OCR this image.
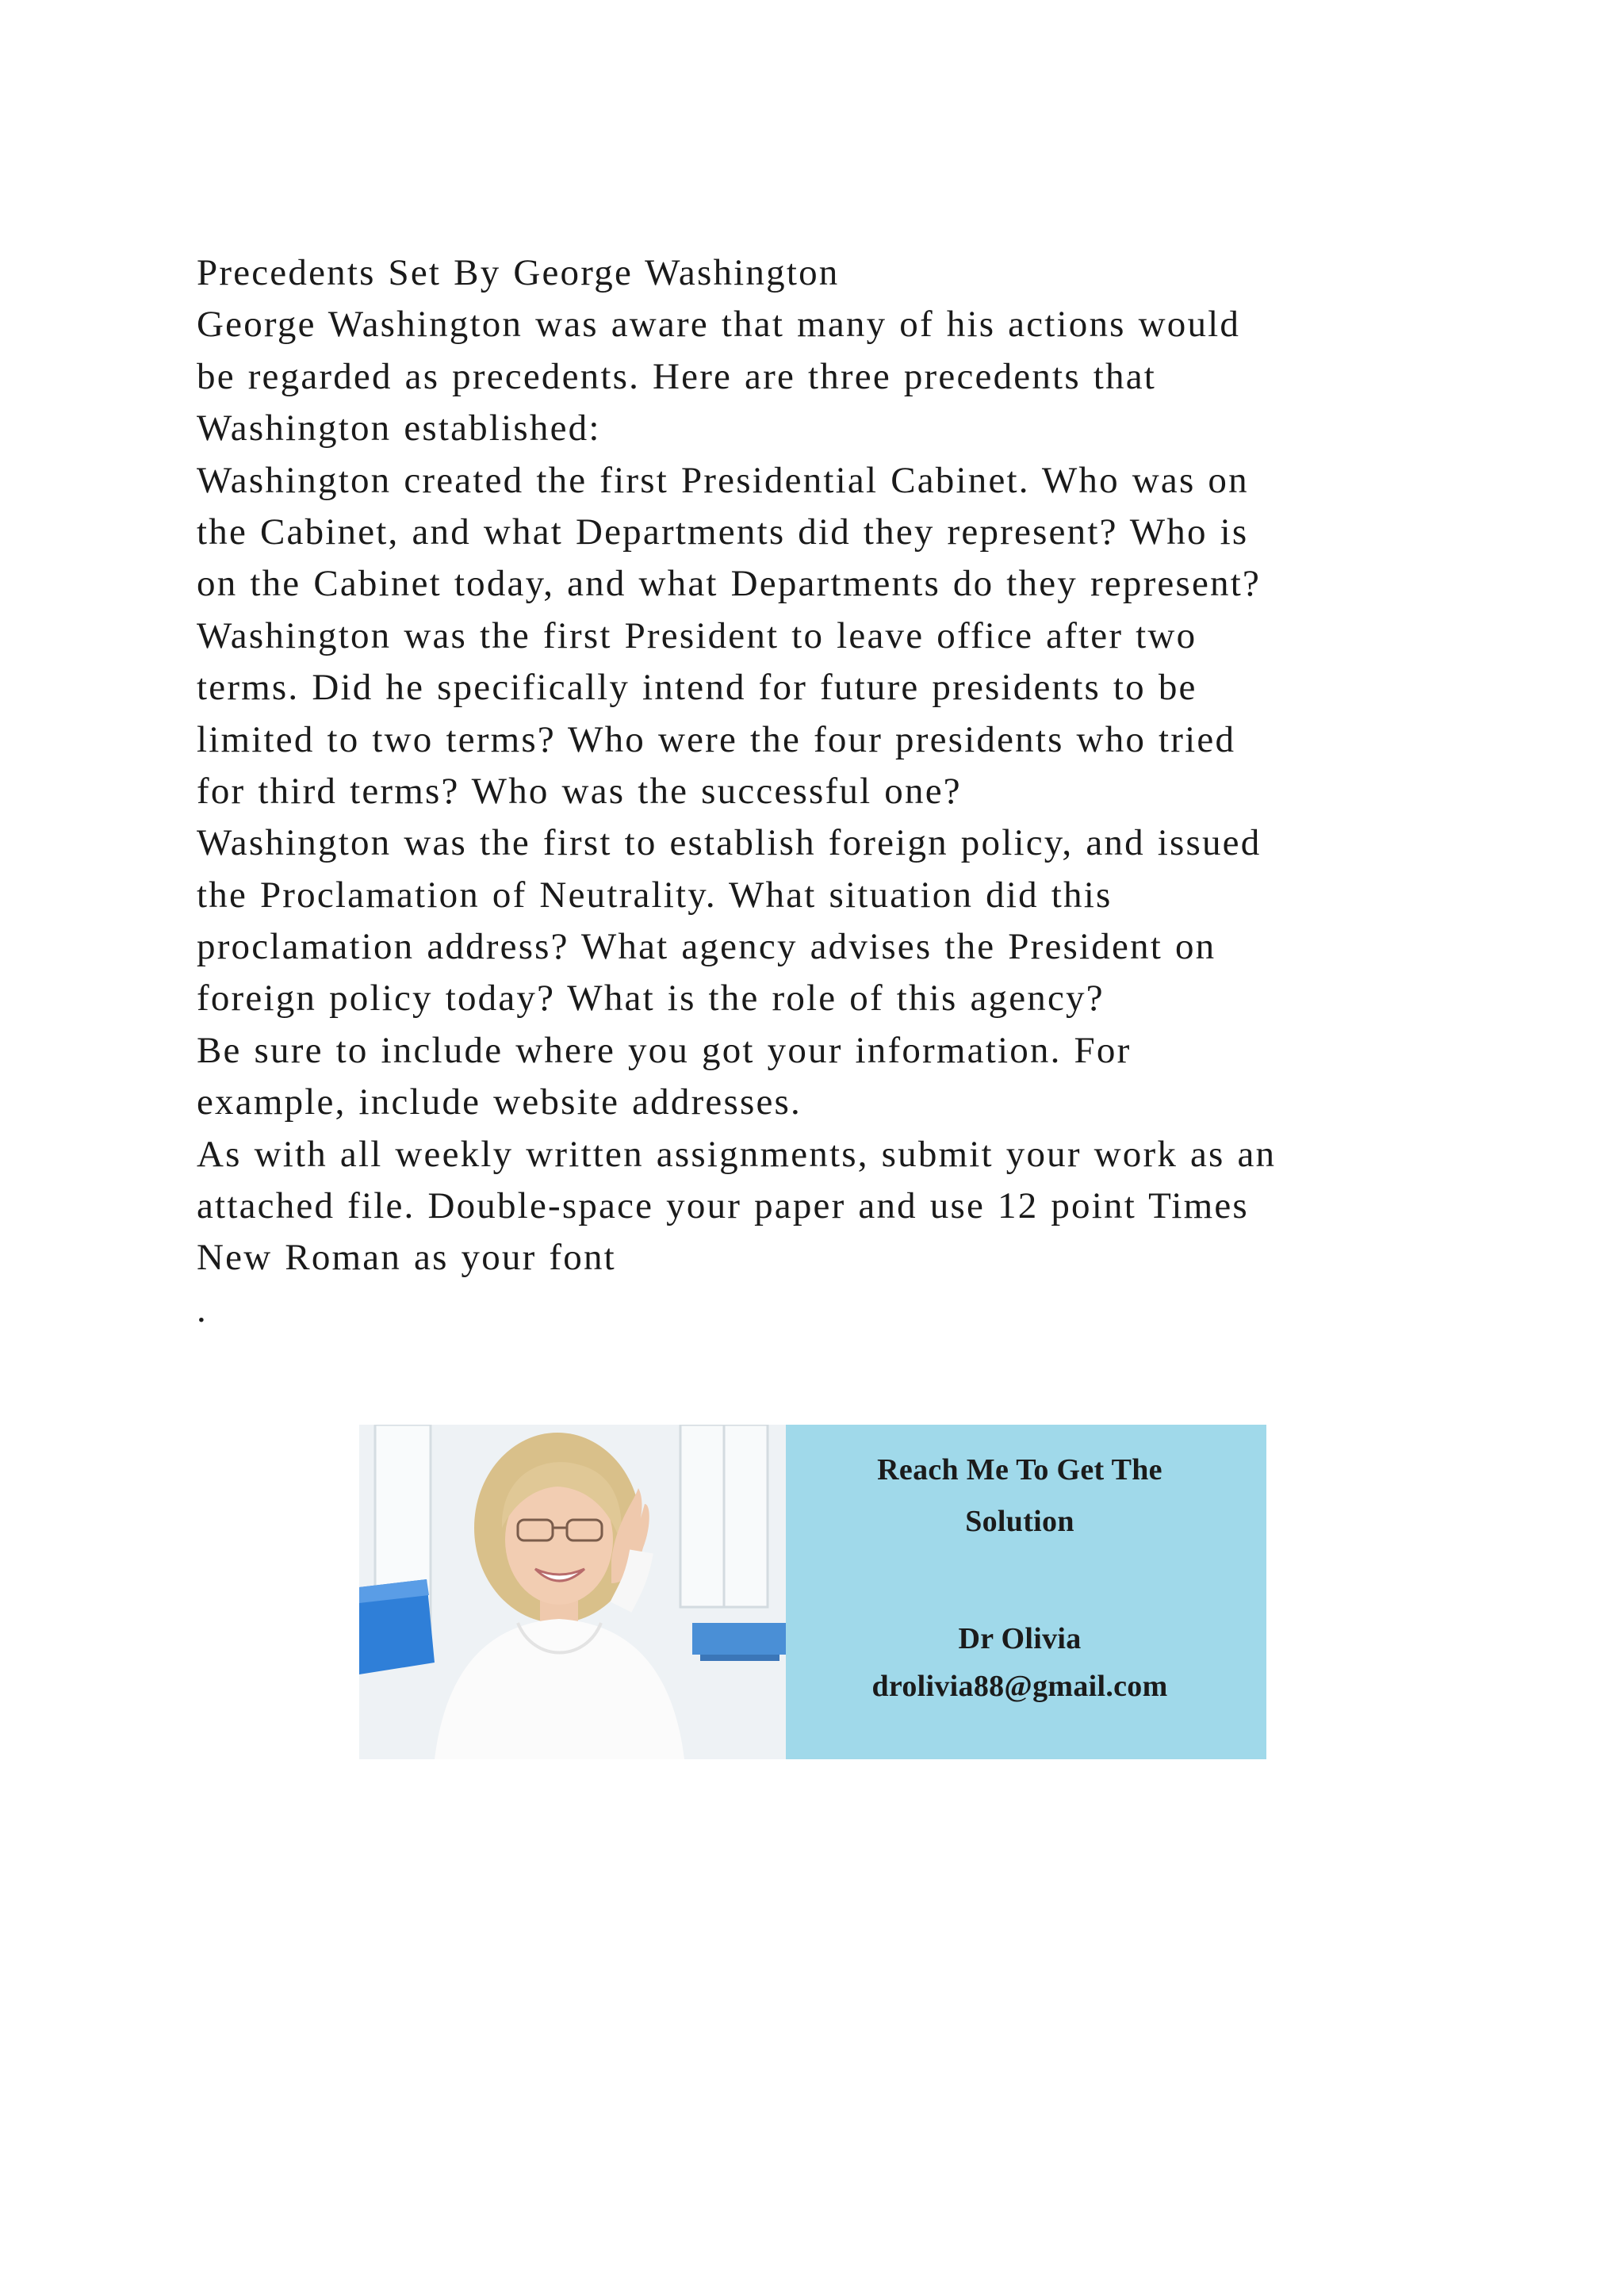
Precedents Set By George Washington
George Washington was aware that many of his actions would
be regarded as precedents. Here are three precedents that
Washington established:
Washington created the first Presidential Cabinet. Who was on
the Cabinet, and what Departments did they represent? Who is
on the Cabinet today, and what Departments do they represent?
Washington was the first President to leave office after two
terms. Did he specifically intend for future presidents to be
limited to two terms? Who were the four presidents who tried
for third terms? Who was the successful one?
Washington was the first to establish foreign policy, and issued
the Proclamation of Neutrality. What situation did this
proclamation address? What agency advises the President on
foreign policy today? What is the role of this agency?
Be sure to include where you got your information. For
example, include website addresses.
As with all weekly written assignments, submit your work as an
attached file. Double-space your paper and use 12 point Times
New Roman as your font
.
Reach Me To Get The
Solution
Dr Olivia
drolivia88@gmail.com
